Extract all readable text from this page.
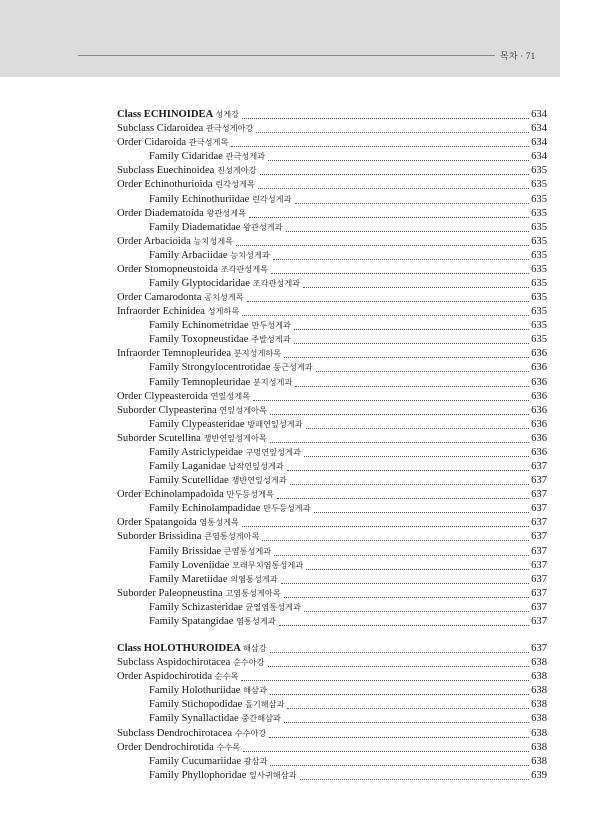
목차 · 71
Class ECHINOIDEA 성게강	634
Subclass Cidaroidea 관극성게아강	634
Order Cidaroida 관극성게목	634
Family Cidaridae 관극성게과	634
Subclass Euechinoidea 진성게아강	635
Order Echinothurioida 린각성게목	635
Family Echinothuriidae 린각성게과	635
Order Diadematoida 왕관성게목	635
Family Diadematidae 왕관성게과	635
Order Arbacioida 능치성게목	635
Family Arbaciidae 능치성게과	635
Order Stomopneustoida 조각관성게목	635
Family Glyptocidaridae 조각관성게과	635
Order Camarodonta 공치성게목	635
Infraorder Echinidea 성게하목	635
Family Echinometridae 만두성게과	635
Family Toxopneustidae 주발성게과	635
Infraorder Temnopleuridea 분지성게하목	636
Family Strongylocentrotidae 둥근성게과	636
Family Temnopleuridae 분지성게과	636
Order Clypeasteroida 연잎성게목	636
Suborder Clypeasterina 연잎성게아목	636
Family Clypeasteridae 방패연잎성게과	636
Suborder Scutellina 쟁반연잎성게아목	636
Family Astriclypeidae 구멍연잎성게과	636
Family Laganidae 납작연잎성게과	637
Family Scutellidae 쟁반연잎성게과	637
Order Echinolampadoida 만두등성게목	637
Family Echinolampadidae 만두등성게과	637
Order Spatangoida 염통성게목	637
Suborder Brissidina 큰염통성게아목	637
Family Brissidae 큰염통성게과	637
Family Loveniidae 모래무치염통성게과	637
Family Maretiidae 의염통성게과	637
Suborder Paleopneustina 고염통성게아목	637
Family Schizasteridae 균열염통성게과	637
Family Spatangidae 염통성게과	637
Class HOLOTHUROIDEA 해삼강	637
Subclass Aspidochirotacea 순수아강	638
Order Aspidochirotida 순수목	638
Family Holothuriidae 해삼과	638
Family Stichopodidae 돌기해삼과	638
Family Synallactidae 중간해삼과	638
Subclass Dendrochirotacea 수수아강	638
Order Dendrochirotida 수수목	638
Family Cucumariidae 광삼과	638
Family Phyllophoridae 잎사귀해삼과	639
